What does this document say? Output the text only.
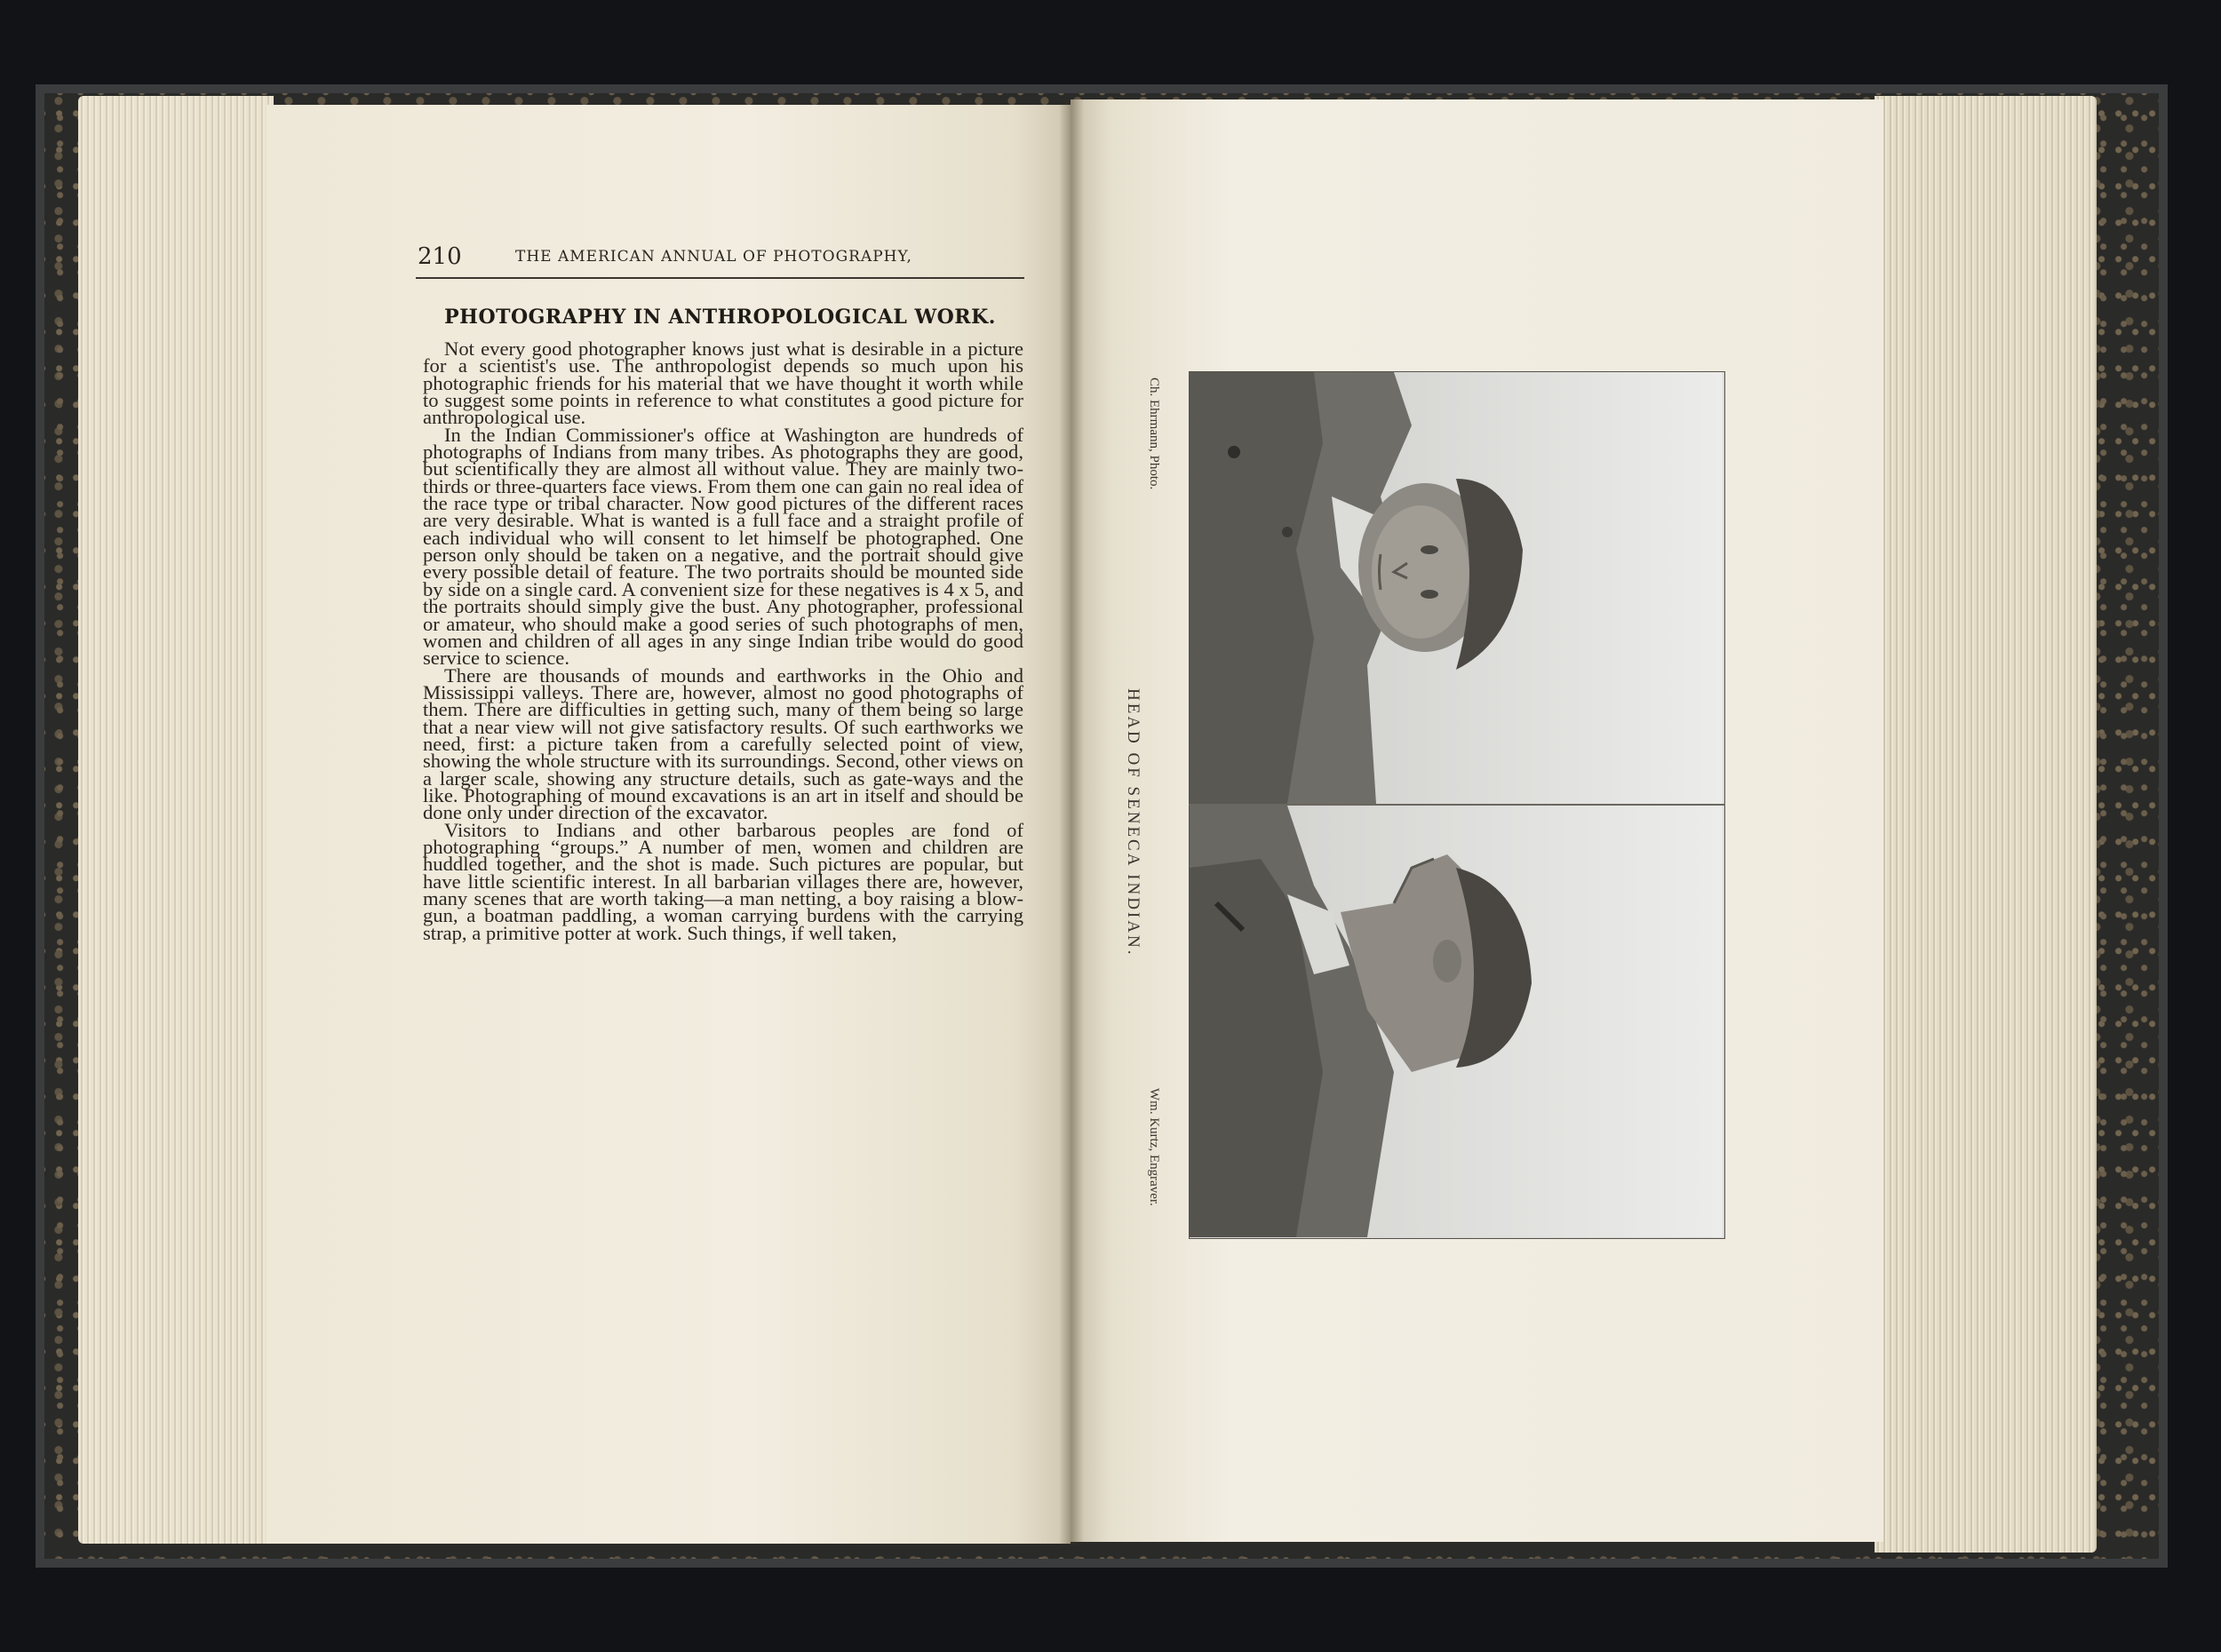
210	THE AMERICAN ANNUAL OF PHOTOGRAPHY,
PHOTOGRAPHY IN ANTHROPOLOGICAL WORK.

Not every good photographer knows just what is desirable in a picture for a scientist's use. The anthropologist depends so much upon his photographic friends for his material that we have thought it worth while to suggest some points in reference to what constitutes a good picture for anthropological use.

In the Indian Commissioner's office at Washington are hundreds of photographs of Indians from many tribes. As photographs they are good, but scientifically they are almost all without value. They are mainly two-thirds or three-quarters face views. From them one can gain no real idea of the race type or tribal character. Now good pictures of the different races are very desirable. What is wanted is a full face and a straight profile of each individual who will consent to let himself be photographed. One person only should be taken on a negative, and the portrait should give every possible detail of feature. The two portraits should be mounted side by side on a single card. A convenient size for these negatives is 4 x 5, and the portraits should simply give the bust. Any photographer, professional or amateur, who should make a good series of such photographs of men, women and children of all ages in any singe Indian tribe would do good service to science.

There are thousands of mounds and earthworks in the Ohio and Mississippi valleys. There are, however, almost no good photographs of them. There are difficulties in getting such, many of them being so large that a near view will not give satisfactory results. Of such earthworks we need, first: a picture taken from a carefully selected point of view, showing the whole structure with its surroundings. Second, other views on a larger scale, showing any structure details, such as gate-ways and the like. Photographing of mound excavations is an art in itself and should be done only under direction of the excavator.

Visitors to Indians and other barbarous peoples are fond of photographing “groups.” A number of men, women and children are huddled together, and the shot is made. Such pictures are popular, but have little scientific interest. In all barbarian villages there are, however, many scenes that are worth taking—a man netting, a boy raising a blow-gun, a boatman paddling, a woman carrying burdens with the carrying strap, a primitive potter at work. Such things, if well taken,

Ch. Ehrmann, Photo.
HEAD OF SENECA INDIAN.
Wm. Kurtz, Engraver.
